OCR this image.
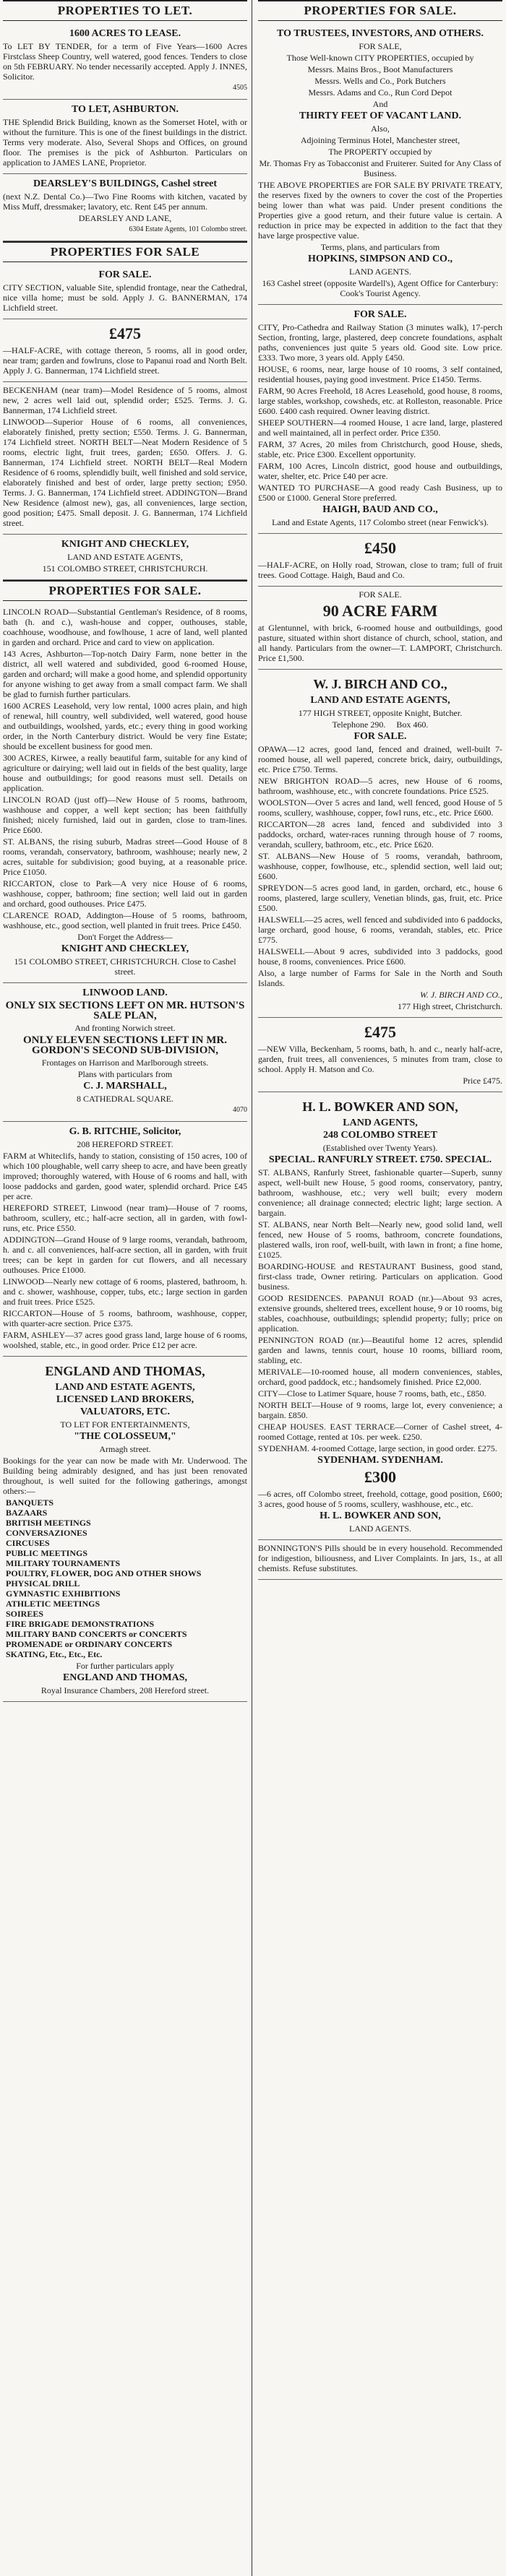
PROPERTIES TO LET.

1600 ACRES TO LEASE.

To LET BY TENDER, for a term of Five Years—1600 Acres Firstclass Sheep Country, well watered, good fences. Tenders to close on 5th FEBRUARY. No tender necessarily accepted. Apply J. INNES, Solicitor.

4505

TO LET, ASHBURTON.

THE Splendid Brick Building, known as the Somerset Hotel, with or without the furniture. This is one of the finest buildings in the district. Terms very moderate. Also, Several Shops and Offices, on ground floor. The premises is the pick of Ashburton. Particulars on application to JAMES LANE, Proprietor.

DEARSLEY'S BUILDINGS, Cashel street

(next N.Z. Dental Co.)—Two Fine Rooms with kitchen, vacated by Miss Muff, dressmaker; lavatory, etc. Rent £45 per annum.

DEARSLEY AND LANE,

6304 Estate Agents, 101 Colombo street.

PROPERTIES FOR SALE

FOR SALE.

CITY SECTION, valuable Site, splendid frontage, near the Cathedral, nice villa home; must be sold. Apply J. G. BANNERMAN, 174 Lichfield street.

£475

—HALF-ACRE, with cottage thereon, 5 rooms, all in good order, near tram; garden and fowlruns, close to Papanui road and North Belt. Apply J. G. Bannerman, 174 Lichfield street.

BECKENHAM (near tram)—Model Residence of 5 rooms, almost new, 2 acres well laid out, splendid order; £525. Terms. J. G. Bannerman, 174 Lichfield street.

LINWOOD—Superior House of 6 rooms, all conveniences, elaborately finished, pretty section; £550. Terms. J. G. Bannerman, 174 Lichfield street. NORTH BELT—Neat Modern Residence of 5 rooms, electric light, fruit trees, garden; £650. Offers. J. G. Bannerman, 174 Lichfield street. NORTH BELT—Real Modern Residence of 6 rooms, splendidly built, well finished and sold service, elaborately finished and best of order, large pretty section; £950. Terms. J. G. Bannerman, 174 Lichfield street. ADDINGTON—Brand New Residence (almost new), gas, all conveniences, large section, good position; £475. Small deposit. J. G. Bannerman, 174 Lichfield street.

KNIGHT AND CHECKLEY,

LAND AND ESTATE AGENTS,

151 COLOMBO STREET, CHRISTCHURCH.

PROPERTIES FOR SALE.

LINCOLN ROAD—Substantial Gentleman's Residence, of 8 rooms, bath (h. and c.), wash-house and copper, outhouses, stable, coachhouse, woodhouse, and fowlhouse, 1 acre of land, well planted in garden and orchard. Price and card to view on application.

143 Acres, Ashburton—Top-notch Dairy Farm, none better in the district, all well watered and subdivided, good 6-roomed House, garden and orchard; will make a good home, and splendid opportunity for anyone wishing to get away from a small compact farm. We shall be glad to furnish further particulars.

1600 ACRES Leasehold, very low rental, 1000 acres plain, and high of renewal, hill country, well subdivided, well watered, good house and outbuildings, woolshed, yards, etc.; every thing in good working order, in the North Canterbury district. Would be very fine Estate; should be excellent business for good men.

300 ACRES, Kirwee, a really beautiful farm, suitable for any kind of agriculture or dairying; well laid out in fields of the best quality, large house and outbuildings; for good reasons must sell. Details on application.

LINCOLN ROAD (just off)—New House of 5 rooms, bathroom, washhouse and copper, a well kept section; has been faithfully finished; nicely furnished, laid out in garden, close to tram-lines. Price £600.

ST. ALBANS, the rising suburb, Madras street—Good House of 8 rooms, verandah, conservatory, bathroom, washhouse; nearly new, 2 acres, suitable for subdivision; good buying, at a reasonable price. Price £1050.

RICCARTON, close to Park—A very nice House of 6 rooms, washhouse, copper, bathroom; fine section; well laid out in garden and orchard, good outhouses. Price £475.

CLARENCE ROAD, Addington—House of 5 rooms, bathroom, washhouse, etc., good section, well planted in fruit trees. Price £450.

Don't Forget the Address—

KNIGHT AND CHECKLEY,

151 COLOMBO STREET, CHRISTCHURCH. Close to Cashel street.

LINWOOD LAND.

ONLY SIX SECTIONS LEFT ON MR. HUTSON'S SALE PLAN,

And fronting Norwich street.

ONLY ELEVEN SECTIONS LEFT IN MR. GORDON'S SECOND SUB-DIVISION,

Frontages on Harrison and Marlborough streets.

Plans with particulars from

C. J. MARSHALL,

8 CATHEDRAL SQUARE.

4070

G. B. RITCHIE, Solicitor,

208 HEREFORD STREET.

FARM at Whiteclifs, handy to station, consisting of 150 acres, 100 of which 100 ploughable, well carry sheep to acre, and have been greatly improved; thoroughly watered, with House of 6 rooms and hall, with loose paddocks and garden, good water, splendid orchard. Price £45 per acre.

HEREFORD STREET, Linwood (near tram)—House of 7 rooms, bathroom, scullery, etc.; half-acre section, all in garden, with fowl-runs, etc. Price £550.

ADDINGTON—Grand House of 9 large rooms, verandah, bathroom, h. and c. all conveniences, half-acre section, all in garden, with fruit trees; can be kept in garden for cut flowers, and all necessary outhouses. Price £1000.

LINWOOD—Nearly new cottage of 6 rooms, plastered, bathroom, h. and c. shower, washhouse, copper, tubs, etc.; large section in garden and fruit trees. Price £525.

RICCARTON—House of 5 rooms, bathroom, washhouse, copper, with quarter-acre section. Price £375.

FARM, ASHLEY—37 acres good grass land, large house of 6 rooms, woolshed, stable, etc., in good order. Price £12 per acre.

ENGLAND AND THOMAS,

LAND AND ESTATE AGENTS,

LICENSED LAND BROKERS,

VALUATORS, ETC.

TO LET FOR ENTERTAINMENTS,

"THE COLOSSEUM,"

Armagh street.

Bookings for the year can now be made with Mr. Underwood. The Building being admirably designed, and has just been renovated throughout, is well suited for the following gatherings, amongst others:—

BANQUETS
BAZAARS
BRITISH MEETINGS
CONVERSAZIONES
CIRCUSES
PUBLIC MEETINGS
MILITARY TOURNAMENTS
POULTRY, FLOWER, DOG AND OTHER SHOWS
PHYSICAL DRILL
GYMNASTIC EXHIBITIONS
ATHLETIC MEETINGS
SOIREES
FIRE BRIGADE DEMONSTRATIONS
MILITARY BAND CONCERTS or CONCERTS
PROMENADE or ORDINARY CONCERTS
SKATING, Etc., Etc., Etc.

For further particulars apply

ENGLAND AND THOMAS,

Royal Insurance Chambers, 208 Hereford street.

PROPERTIES FOR SALE.

TO TRUSTEES, INVESTORS, AND OTHERS.

FOR SALE,

Those Well-known CITY PROPERTIES, occupied by

Messrs. Mains Bros., Boot Manufacturers

Messrs. Wells and Co., Pork Butchers

Messrs. Adams and Co., Run Cord Depot

And

THIRTY FEET OF VACANT LAND.

Also,

Adjoining Terminus Hotel, Manchester street,

The PROPERTY occupied by

Mr. Thomas Fry as Tobacconist and Fruiterer. Suited for Any Class of Business.

THE ABOVE PROPERTIES are FOR SALE BY PRIVATE TREATY, the reserves fixed by the owners to cover the cost of the Properties being lower than what was paid. Under present conditions the Properties give a good return, and their future value is certain. A reduction in price may be expected in addition to the fact that they have large prospective value.

Terms, plans, and particulars from

HOPKINS, SIMPSON AND CO.,

LAND AGENTS.

163 Cashel street (opposite Wardell's), Agent Office for Canterbury: Cook's Tourist Agency.

FOR SALE.

CITY, Pro-Cathedra and Railway Station (3 minutes walk), 17-perch Section, fronting, large, plastered, deep concrete foundations, asphalt paths, conveniences just quite 5 years old. Good site. Low price. £333. Two more, 3 years old. Apply £450.

HOUSE, 6 rooms, near, large house of 10 rooms, 3 self contained, residential houses, paying good investment. Price £1450. Terms.

FARM, 90 Acres Freehold, 18 Acres Leasehold, good house, 8 rooms, large stables, workshop, cowsheds, etc. at Rolleston, reasonable. Price £600. £400 cash required. Owner leaving district.

SHEEP SOUTHERN—4 roomed House, 1 acre land, large, plastered and well maintained, all in perfect order. Price £350.

FARM, 37 Acres, 20 miles from Christchurch, good House, sheds, stable, etc. Price £300. Excellent opportunity.

FARM, 100 Acres, Lincoln district, good house and outbuildings, water, shelter, etc. Price £40 per acre.

WANTED TO PURCHASE—A good ready Cash Business, up to £500 or £1000. General Store preferred.

HAIGH, BAUD AND CO.,

Land and Estate Agents, 117 Colombo street (near Fenwick's).

£450

—HALF-ACRE, on Holly road, Strowan, close to tram; full of fruit trees. Good Cottage. Haigh, Baud and Co.

FOR SALE.

90 ACRE FARM

at Glentunnel, with brick, 6-roomed house and outbuildings, good pasture, situated within short distance of church, school, station, and all handy. Particulars from the owner—T. LAMPORT, Christchurch. Price £1,500.

W. J. BIRCH AND CO.,

LAND AND ESTATE AGENTS,

177 HIGH STREET, opposite Knight, Butcher.

Telephone 290. Box 460.

FOR SALE.

OPAWA—12 acres, good land, fenced and drained, well-built 7-roomed house, all well papered, concrete brick, dairy, outbuildings, etc. Price £750. Terms.

NEW BRIGHTON ROAD—5 acres, new House of 6 rooms, bathroom, washhouse, etc., with concrete foundations. Price £525.

WOOLSTON—Over 5 acres and land, well fenced, good House of 5 rooms, scullery, washhouse, copper, fowl runs, etc., etc. Price £600.

RICCARTON—28 acres land, fenced and subdivided into 3 paddocks, orchard, water-races running through house of 7 rooms, verandah, scullery, bathroom, etc., etc. Price £620.

ST. ALBANS—New House of 5 rooms, verandah, bathroom, washhouse, copper, fowlhouse, etc., splendid section, well laid out; £600.

SPREYDON—5 acres good land, in garden, orchard, etc., house 6 rooms, plastered, large scullery, Venetian blinds, gas, fruit, etc. Price £500.

HALSWELL—25 acres, well fenced and subdivided into 6 paddocks, large orchard, good house, 6 rooms, verandah, stables, etc. Price £775.

HALSWELL—About 9 acres, subdivided into 3 paddocks, good house, 8 rooms, conveniences. Price £600.

Also, a large number of Farms for Sale in the North and South Islands.

W. J. BIRCH AND CO.,

177 High street, Christchurch.

£475

—NEW Villa, Beckenham, 5 rooms, bath, h. and c., nearly half-acre, garden, fruit trees, all conveniences, 5 minutes from tram, close to school. Apply H. Matson and Co.

Price £475.

H. L. BOWKER AND SON,

LAND AGENTS,

248 COLOMBO STREET

(Established over Twenty Years).

SPECIAL. RANFURLY STREET. £750. SPECIAL.

ST. ALBANS, Ranfurly Street, fashionable quarter—Superb, sunny aspect, well-built new House, 5 good rooms, conservatory, pantry, bathroom, washhouse, etc.; very well built; every modern convenience; all drainage connected; electric light; large section. A bargain.

ST. ALBANS, near North Belt—Nearly new, good solid land, well fenced, new House of 5 rooms, bathroom, concrete foundations, plastered walls, iron roof, well-built, with lawn in front; a fine home, £1025.

BOARDING-HOUSE and RESTAURANT Business, good stand, first-class trade, Owner retiring. Particulars on application. Good business.

GOOD RESIDENCES. PAPANUI ROAD (nr.)—About 93 acres, extensive grounds, sheltered trees, excellent house, 9 or 10 rooms, big stables, coachhouse, outbuildings; splendid property; fully; price on application.

PENNINGTON ROAD (nr.)—Beautiful home 12 acres, splendid garden and lawns, tennis court, house 10 rooms, billiard room, stabling, etc.

MERIVALE—10-roomed house, all modern conveniences, stables, orchard, good paddock, etc.; handsomely finished. Price £2,000.

CITY—Close to Latimer Square, house 7 rooms, bath, etc., £850.

NORTH BELT—House of 9 rooms, large lot, every convenience; a bargain. £850.

CHEAP HOUSES. EAST TERRACE—Corner of Cashel street, 4-roomed Cottage, rented at 10s. per week. £250.

SYDENHAM. 4-roomed Cottage, large section, in good order. £275.

SYDENHAM. SYDENHAM.

£300

—6 acres, off Colombo street, freehold, cottage, good position, £600; 3 acres, good house of 5 rooms, scullery, washhouse, etc., etc.

H. L. BOWKER AND SON,

LAND AGENTS.

BONNINGTON'S Pills should be in every household. Recommended for indigestion, biliousness, and Liver Complaints. In jars, 1s., at all chemists. Refuse substitutes.
